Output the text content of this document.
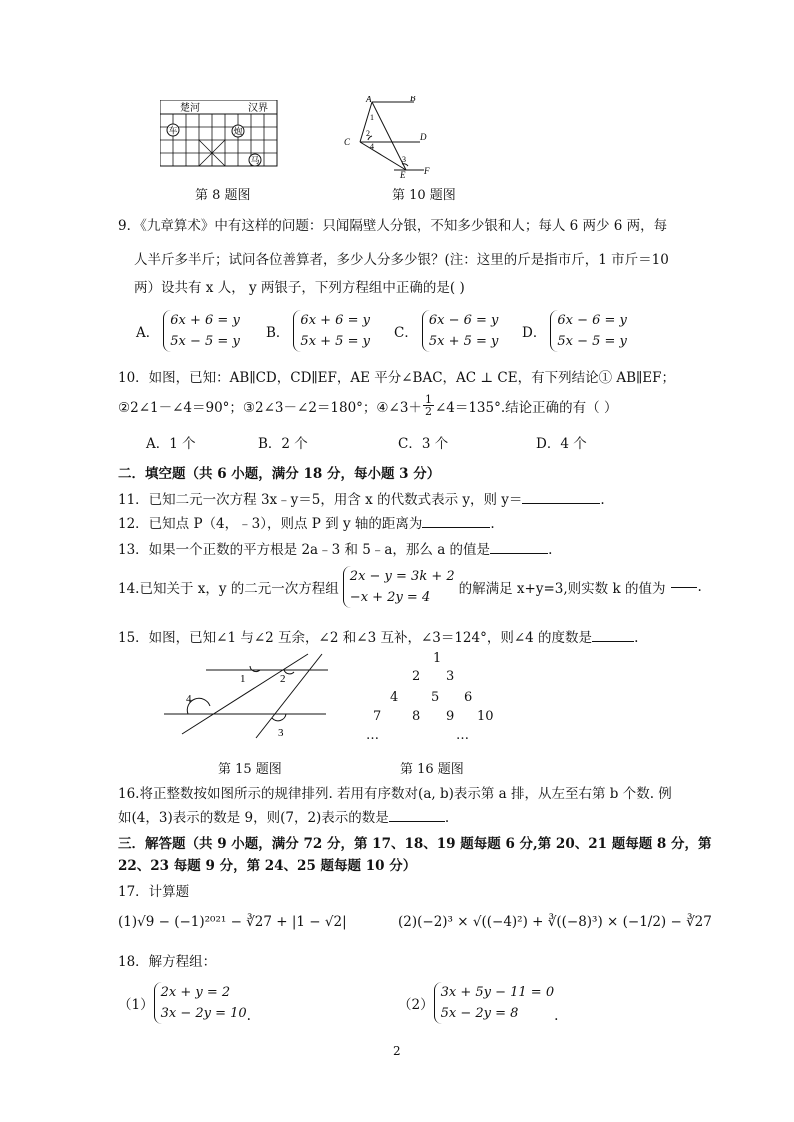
楚河	汉界
车	炮
马
第 8 题图
A	B
C	D
E F
1
2
3
4
第 10 题图
9．《九章算术》中有这样的问题：只闻隔壁人分银，不知多少银和人；每人 6 两少 6 两，每
人半斤多半斤；试问各位善算者，多少人分多少银？(注：这里的斤是指市斤，1 市斤＝10
两）设共有 x 人， y 两银子，下列方程组中正确的是( )
A．
6x + 6 = y
5x − 5 = y
B．
6x + 6 = y
5x + 5 = y
C．
6x − 6 = y
5x + 5 = y
D．
6x − 6 = y
5x − 5 = y
10．如图，已知：AB∥CD，CD∥EF，AE 平分∠BAC，AC ⊥ CE，有下列结论① AB∥EF；
②2∠1－∠4＝90°；③2∠3－∠2＝180°；④∠3＋ $\frac{1}{2}$ ∠4＝135°.结论正确的有（ ）
A．1 个	B．2 个	C．3 个	D．4 个
二．填空题（共 6 小题，满分 18 分，每小题 3 分）
11．已知二元一次方程 3x﹣y＝5，用含 x 的代数式表示 y，则 y＝	.
12．已知点 P（4，﹣3），则点 P 到 y 轴的距离为	.
13．如果一个正数的平方根是 2a﹣3 和 5﹣a，那么 a 的值是	.
14.已知关于 x，y 的二元一次方程组
2x − y = 3k + 2
−x + 2y = 4
的解满足 x+y=3,则实数 k 的值为 .
15．如图，已知∠1 与∠2 互余，∠2 和∠3 互补，∠3＝124°，则∠4 的度数是	.
1	2
3
4
第 15 题图
1
2 3
4	5 6
7 8 9 10
…	…
第 16 题图
16.将正整数按如图所示的规律排列. 若用有序数对(a, b)表示第 a 排，从左至右第 b 个数. 例
如(4，3)表示的数是 9，则(7，2)表示的数是	.
三．解答题（共 9 小题，满分 72 分，第 17、18、19 题每题 6 分,第 20、21 题每题 8 分，第
22、23 每题 9 分，第 24、25 题每题 10 分）
17．计算题
(1)√9 − (−1)²⁰²¹ − ∛27 + |1 − √2|	(2)(−2)³ × √((−4)²) + ∛((−8)³) × (−1/2) − ∛27
18．解方程组：
（1）
2x + y = 2
3x − 2y = 10 .
（2）
3x + 5y − 11 = 0
5x − 2y = 8	.
2
